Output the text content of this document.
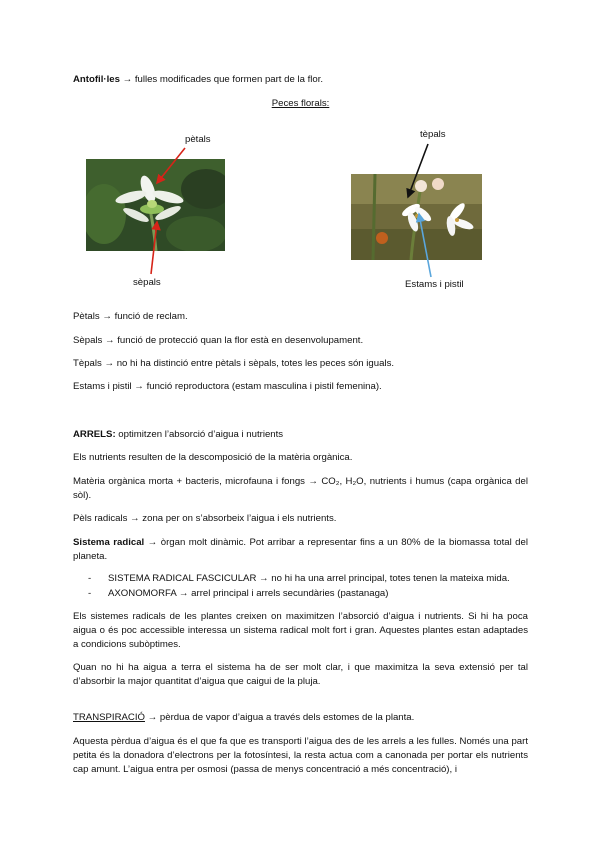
Antofil·les → fulles modificades que formen part de la flor.

Peces florals:

pètals
sèpals
tèpals
Estams i pistil

Pètals → funció de reclam.

Sèpals → funció de protecció quan la flor està en desenvolupament.

Tèpals → no hi ha distinció entre pètals i sèpals, totes les peces són iguals.

Estams i pistil → funció reproductora (estam masculina i pistil femenina).

ARRELS: optimitzen l’absorció d’aigua i nutrients

Els nutrients resulten de la descomposició de la matèria orgànica.

Matèria orgànica morta + bacteris, microfauna i fongs → CO₂, H₂O, nutrients i humus (capa orgànica del sòl).

Pèls radicals → zona per on s’absorbeix l’aigua i els nutrients.

Sistema radical → òrgan molt dinàmic. Pot arribar a representar fins a un 80% de la biomassa total del planeta.

- SISTEMA RADICAL FASCICULAR → no hi ha una arrel principal, totes tenen la mateixa mida.
- AXONOMORFA → arrel principal i arrels secundàries (pastanaga)

Els sistemes radicals de les plantes creixen on maximitzen l’absorció d’aigua i nutrients. Si hi ha poca aigua o és poc accessible interessa un sistema radical molt fort i gran. Aquestes plantes estan adaptades a condicions subòptimes.

Quan no hi ha aigua a terra el sistema ha de ser molt clar, i que maximitza la seva extensió per tal d’absorbir la major quantitat d’aigua que caigui de la pluja.

TRANSPIRACIÓ → pèrdua de vapor d’aigua a través dels estomes de la planta.

Aquesta pèrdua d’aigua és el que fa que es transporti l’aigua des de les arrels a les fulles. Només una part petita és la donadora d’electrons per la fotosíntesi, la resta actua com a canonada per portar els nutrients cap amunt. L’aigua entra per osmosi (passa de menys concentració a més concentració), i
